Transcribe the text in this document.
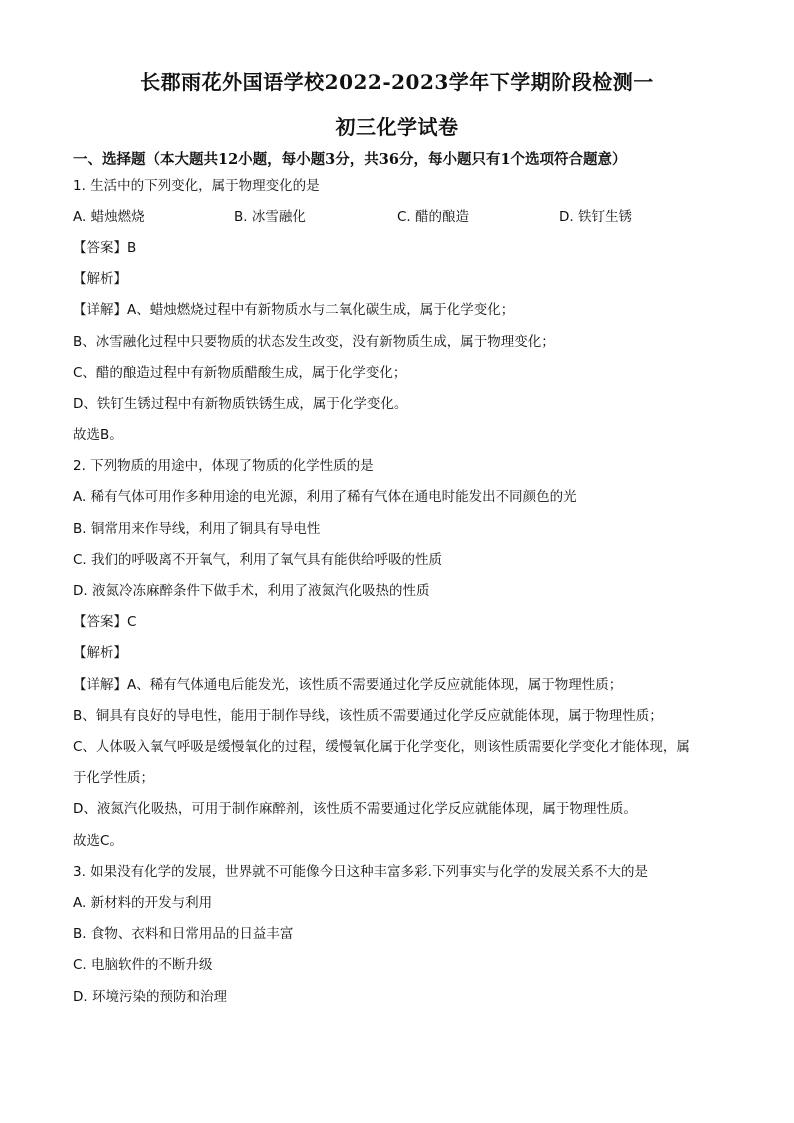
长郡雨花外国语学校2022-2023学年下学期阶段检测一
初三化学试卷
一、选择题（本大题共12小题，每小题3分，共36分，每小题只有1个选项符合题意）
1. 生活中的下列变化，属于物理变化的是
A. 蜡烛燃烧	B. 冰雪融化	C. 醋的酿造	D. 铁钉生锈
【答案】B
【解析】
【详解】A、蜡烛燃烧过程中有新物质水与二氧化碳生成，属于化学变化；
B、冰雪融化过程中只要物质的状态发生改变，没有新物质生成，属于物理变化；
C、醋的酿造过程中有新物质醋酸生成，属于化学变化；
D、铁钉生锈过程中有新物质铁锈生成，属于化学变化。
故选B。
2. 下列物质的用途中，体现了物质的化学性质的是
A. 稀有气体可用作多种用途的电光源，利用了稀有气体在通电时能发出不同颜色的光
B. 铜常用来作导线，利用了铜具有导电性
C. 我们的呼吸离不开氧气，利用了氧气具有能供给呼吸的性质
D. 液氮冷冻麻醉条件下做手术，利用了液氮汽化吸热的性质
【答案】C
【解析】
【详解】A、稀有气体通电后能发光，该性质不需要通过化学反应就能体现，属于物理性质；
B、铜具有良好的导电性，能用于制作导线，该性质不需要通过化学反应就能体现，属于物理性质；
C、人体吸入氧气呼吸是缓慢氧化的过程，缓慢氧化属于化学变化，则该性质需要化学变化才能体现，属
于化学性质；
D、液氮汽化吸热，可用于制作麻醉剂，该性质不需要通过化学反应就能体现，属于物理性质。
故选C。
3. 如果没有化学的发展，世界就不可能像今日这种丰富多彩.下列事实与化学的发展关系不大的是
A. 新材料的开发与利用
B. 食物、衣料和日常用品的日益丰富
C. 电脑软件的不断升级
D. 环境污染的预防和治理
